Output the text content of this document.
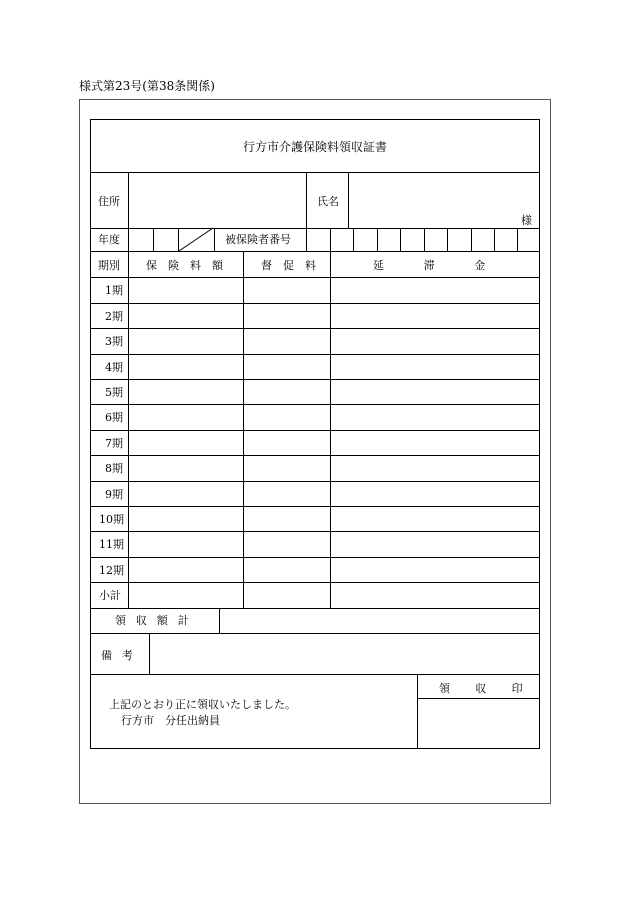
様式第23号(第38条関係)
行方市介護保険料領収証書
住所	氏名
様
年度	被保険者番号
期別 保険料額 督促料	延滞金
1期
2期
3期
4期
5期
6期
7期
8期
9期
10期
11期
12期
小計
領収額計
備考
上記のとおり正に領収いたしました。
行方市　分任出納員
領収印
